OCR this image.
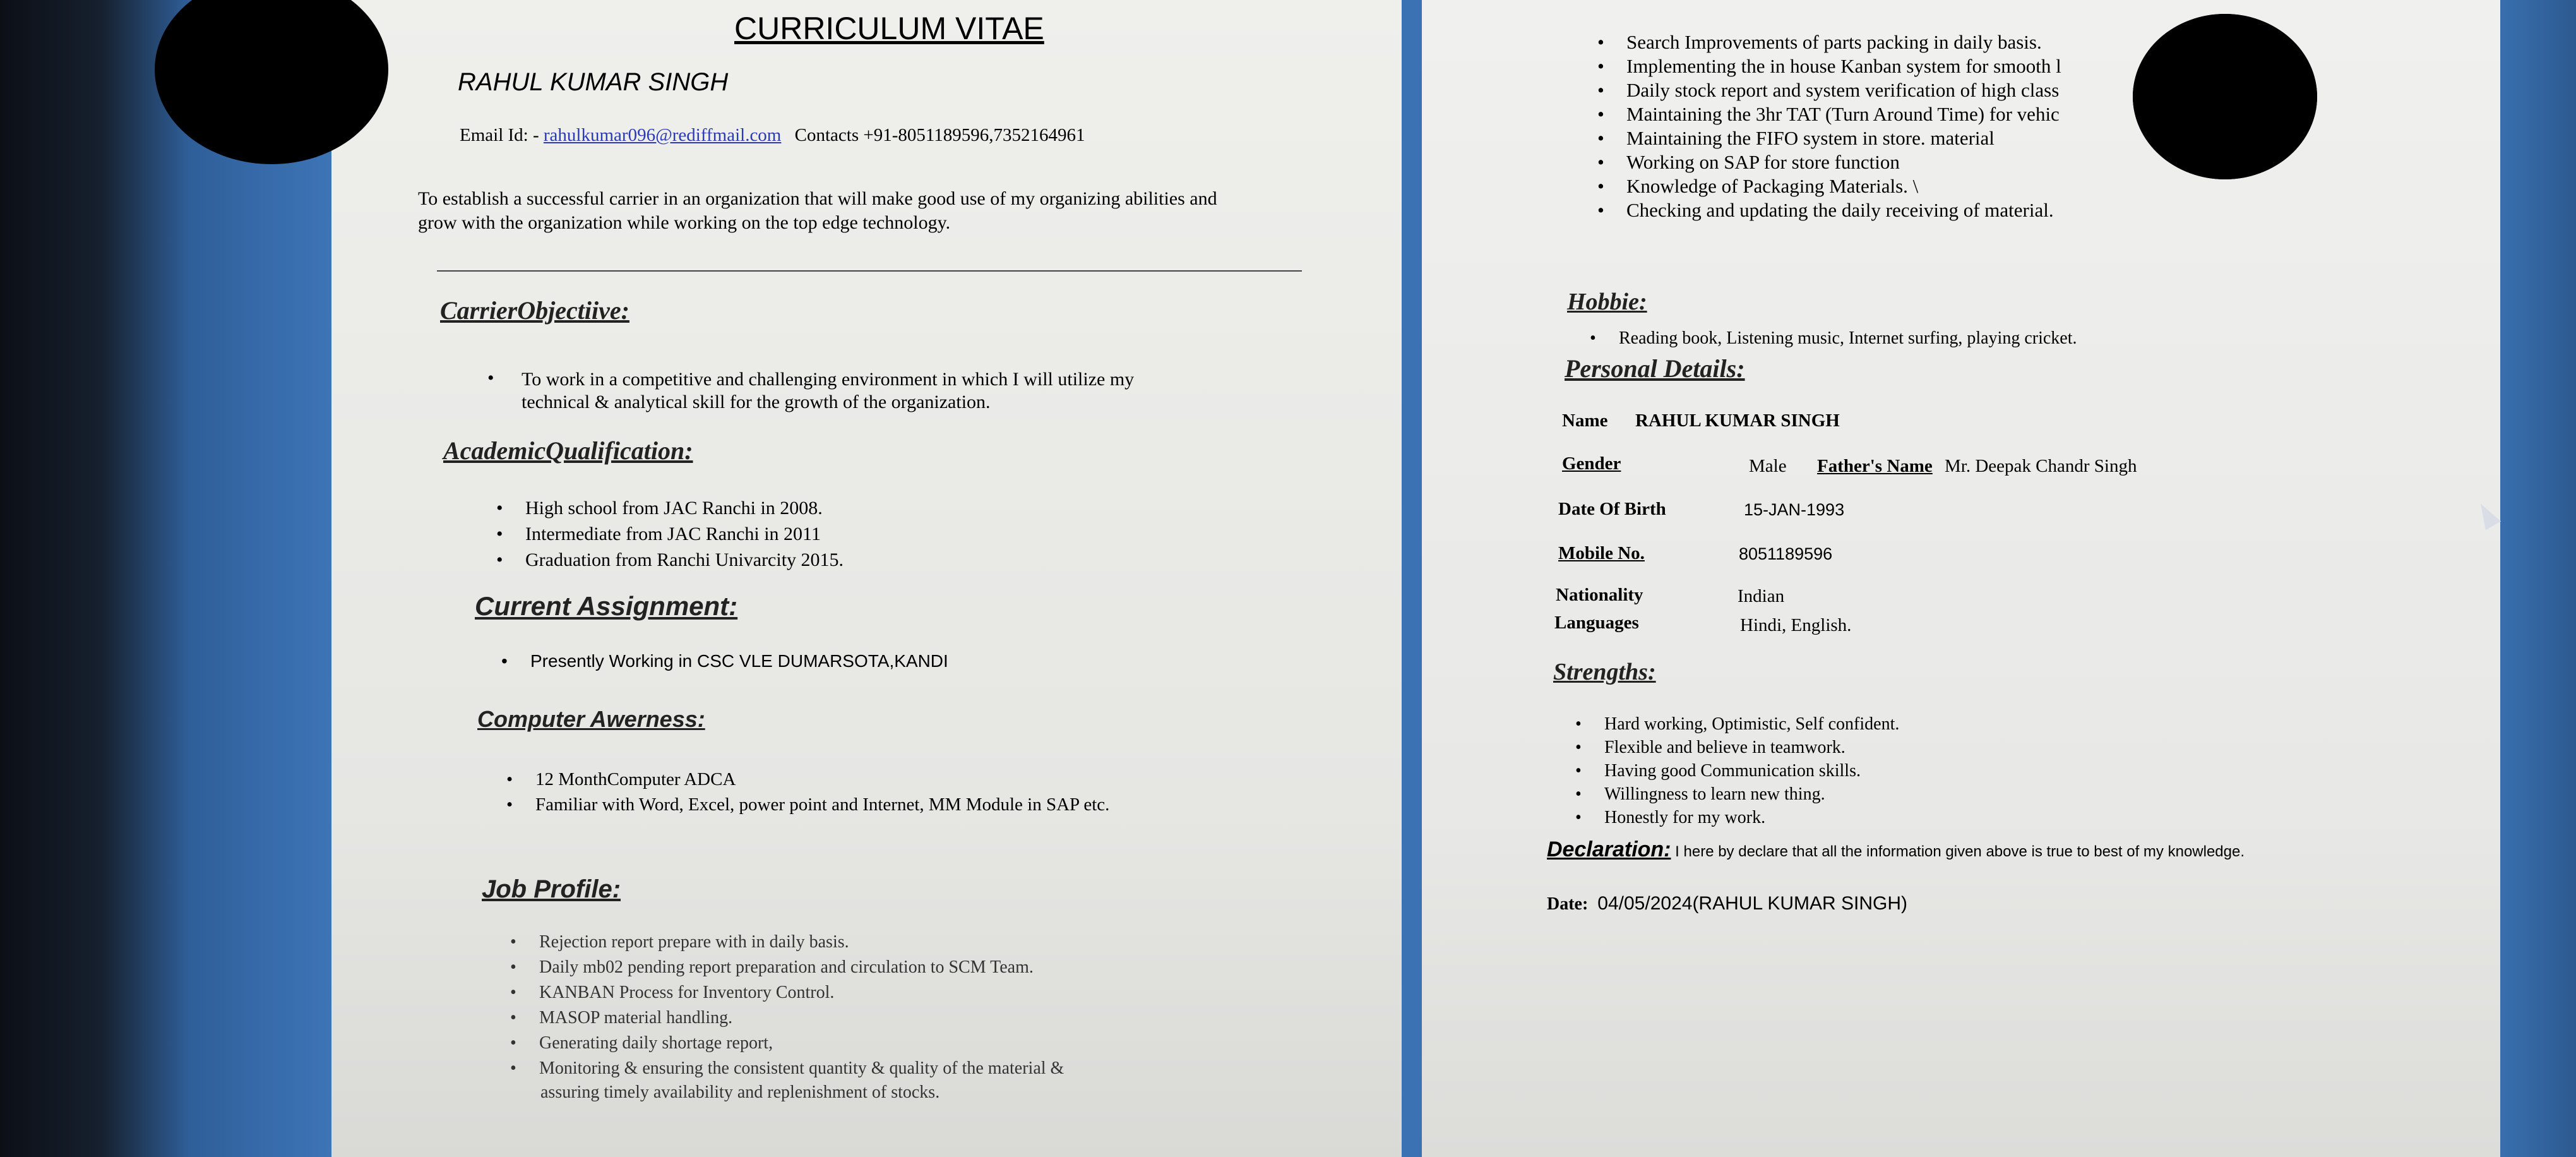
CURRICULUM VITAE
RAHUL KUMAR SINGH
Email Id: - rahulkumar096@rediffmail.com Contacts +91-8051189596,7352164961
To establish a successful carrier in an organization that will make good use of my organizing abilities and
grow with the organization while working on the top edge technology.
CarrierObjectiive:
• To work in a competitive and challenging environment in which I will utilize my
technical & analytical skill for the growth of the organization.
AcademicQualification:
• High school from JAC Ranchi in 2008.
• Intermediate from JAC Ranchi in 2011
• Graduation from Ranchi Univarcity 2015.
Current Assignment:
• Presently Working in CSC VLE DUMARSOTA,KANDI
Computer Awerness:
• 12 MonthComputer ADCA
• Familiar with Word, Excel, power point and Internet, MM Module in SAP etc.
Job Profile:
• Rejection report prepare with in daily basis.
• Daily mb02 pending report preparation and circulation to SCM Team.
• KANBAN Process for Inventory Control.
• MASOP material handling.
• Generating daily shortage report,
• Monitoring & ensuring the consistent quantity & quality of the material &
assuring timely availability and replenishment of stocks.
• Search Improvements of parts packing in daily basis.
• Implementing the in house Kanban system for smooth l
• Daily stock report and system verification of high class
• Maintaining the 3hr TAT (Turn Around Time) for vehic
• Maintaining the FIFO system in store. material
• Working on SAP for store function
• Knowledge of Packaging Materials. \
• Checking and updating the daily receiving of material.
Hobbie:
• Reading book, Listening music, Internet surfing, playing cricket.
Personal Details:
Name RAHUL KUMAR SINGH
Gender	Male Father's Name Mr. Deepak Chandr Singh
Date Of Birth	15-JAN-1993
Mobile No.	8051189596
Nationality	Indian
Languages	Hindi, English.
Strengths:
• Hard working, Optimistic, Self confident.
• Flexible and believe in teamwork.
• Having good Communication skills.
• Willingness to learn new thing.
• Honestly for my work.
Declaration: I here by declare that all the information given above is true to best of my knowledge.
Date: 04/05/2024(RAHUL KUMAR SINGH)
